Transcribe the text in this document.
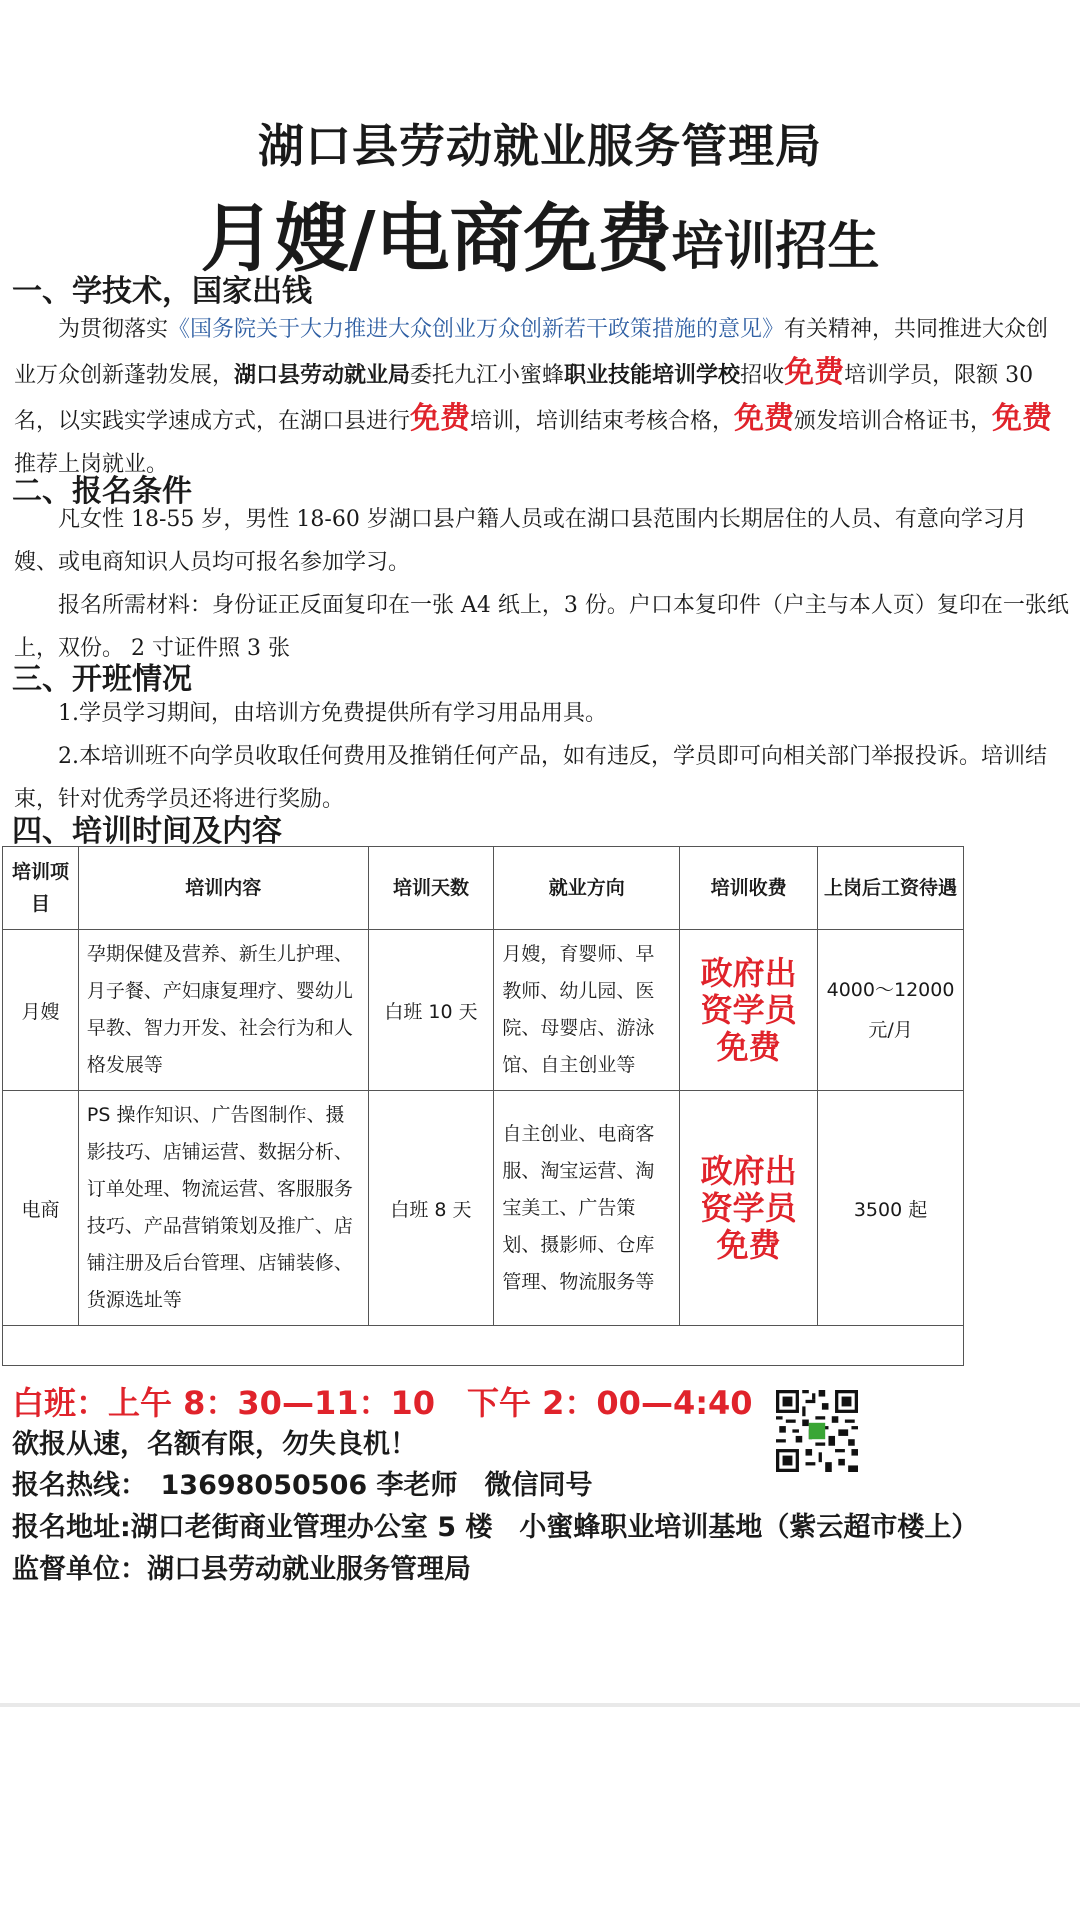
湖口县劳动就业服务管理局
月嫂/电商免费培训招生
一、学技术，国家出钱
为贯彻落实《国务院关于大力推进大众创业万众创新若干政策措施的意见》有关精神，共同推进大众创业万众创新蓬勃发展，湖口县劳动就业局委托九江小蜜蜂职业技能培训学校招收免费培训学员，限额 30 名，以实践实学速成方式，在湖口县进行免费培训，培训结束考核合格，免费颁发培训合格证书，免费推荐上岗就业。
二、报名条件
凡女性 18-55 岁，男性 18-60 岁湖口县户籍人员或在湖口县范围内长期居住的人员、有意向学习月嫂、或电商知识人员均可报名参加学习。
报名所需材料：身份证正反面复印在一张 A4 纸上，3 份。户口本复印件（户主与本人页）复印在一张纸上，双份。 2 寸证件照 3 张
三、开班情况
1.学员学习期间，由培训方免费提供所有学习用品用具。
2.本培训班不向学员收取任何费用及推销任何产品，如有违反，学员即可向相关部门举报投诉。培训结束，针对优秀学员还将进行奖励。
四、培训时间及内容
培训项目	培训内容	培训天数	就业方向	培训收费	上岗后工资待遇
月嫂	孕期保健及营养、新生儿护理、月子餐、产妇康复理疗、婴幼儿早教、智力开发、社会行为和人格发展等	白班 10 天	月嫂，育婴师、早教师、幼儿园、医院、母婴店、游泳馆、自主创业等	政府出资学员免费	4000～12000 元/月
电商	PS 操作知识、广告图制作、摄影技巧、店铺运营、数据分析、订单处理、物流运营、客服服务技巧、产品营销策划及推广、店铺注册及后台管理、店铺装修、货源选址等	白班 8 天	自主创业、电商客服、淘宝运营、淘宝美工、广告策划、摄影师、仓库管理、物流服务等	政府出资学员免费	3500 起

白班：上午 8：30—11：10　下午 2：00—4:40
欲报从速，名额有限，勿失良机！
报名热线：　13698050506 李老师　微信同号
报名地址:湖口老街商业管理办公室 5 楼　小蜜蜂职业培训基地（紫云超市楼上）
监督单位：湖口县劳动就业服务管理局
